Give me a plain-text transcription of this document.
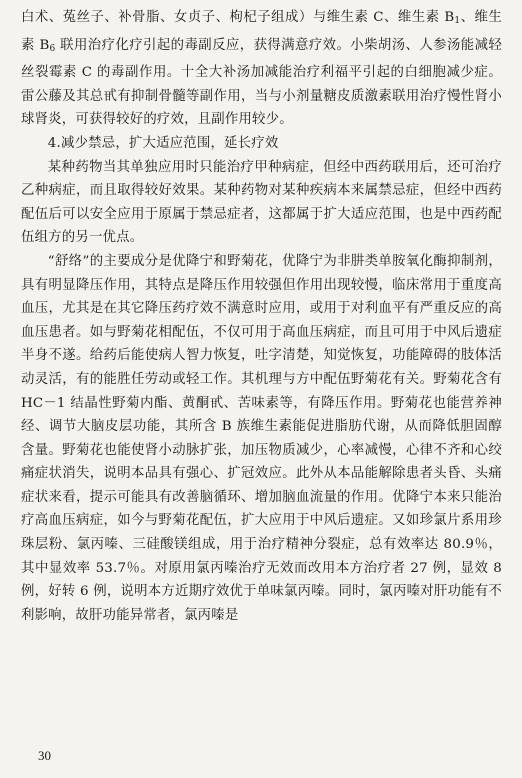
白术、菟丝子、补骨脂、女贞子、枸杞子组成）与维生素 C、维生素 $B_1$、维生素 $B_6$ 联用治疗化疗引起的毒副反应，获得满意疗效。小柴胡汤、人参汤能减轻丝裂霉素 C 的毒副作用。十全大补汤加减能治疗利福平引起的白细胞减少症。雷公藤及其总甙有抑制骨髓等副作用，当与小剂量糖皮质激素联用治疗慢性肾小球肾炎，可获得较好的疗效，且副作用较少。

4.减少禁忌，扩大适应范围，延长疗效

某种药物当其单独应用时只能治疗甲种病症，但经中西药联用后，还可治疗乙种病症，而且取得较好效果。某种药物对某种疾病本来属禁忌症，但经中西药配伍后可以安全应用于原属于禁忌症者，这都属于扩大适应范围，也是中西药配伍组方的另一优点。

“舒络”的主要成分是优降宁和野菊花，优降宁为非肼类单胺氧化酶抑制剂，具有明显降压作用，其特点是降压作用较强但作用出现较慢，临床常用于重度高血压，尤其是在其它降压药疗效不满意时应用，或用于对利血平有严重反应的高血压患者。如与野菊花相配伍，不仅可用于高血压病症，而且可用于中风后遗症半身不遂。给药后能使病人智力恢复，吐字清楚，知觉恢复，功能障碍的肢体活动灵活，有的能胜任劳动或轻工作。其机理与方中配伍野菊花有关。野菊花含有 HC－1 结晶性野菊内酯、黄酮甙、苦味素等，有降压作用。野菊花也能营养神经、调节大脑皮层功能，其所含 B 族维生素能促进脂肪代谢，从而降低胆固醇含量。野菊花也能使肾小动脉扩张，加压物质减少，心率减慢，心律不齐和心绞痛症状消失，说明本品具有强心、扩冠效应。此外从本品能解除患者头昏、头痛症状来看，提示可能具有改善脑循环、增加脑血流量的作用。优降宁本来只能治疗高血压病症，如今与野菊花配伍，扩大应用于中风后遗症。又如珍氯片系用珍珠层粉、氯丙嗪、三硅酸镁组成，用于治疗精神分裂症，总有效率达 80.9％，其中显效率 53.7％。对原用氯丙嗪治疗无效而改用本方治疗者 27 例，显效 8 例，好转 6 例，说明本方近期疗效优于单味氯丙嗪。同时，氯丙嗪对肝功能有不利影响，故肝功能异常者，氯丙嗪是

30
